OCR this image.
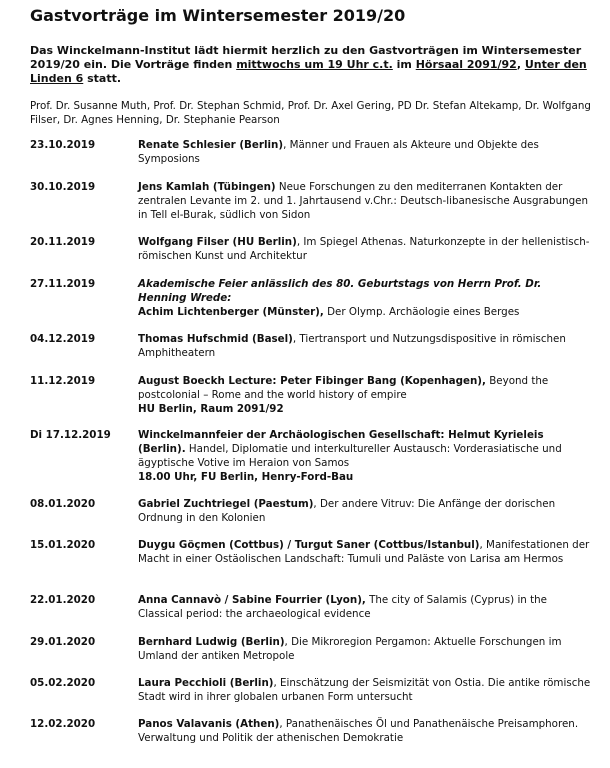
Gastvorträge im Wintersemester 2019/20
Das Winckelmann-Institut lädt hiermit herzlich zu den Gastvorträgen im Wintersemester 2019/20 ein. Die Vorträge finden mittwochs um 19 Uhr c.t. im Hörsaal 2091/92, Unter den Linden 6 statt.
Prof. Dr. Susanne Muth, Prof. Dr. Stephan Schmid, Prof. Dr. Axel Gering, PD Dr. Stefan Altekamp, Dr. Wolfgang Filser, Dr. Agnes Henning, Dr. Stephanie Pearson
23.10.2019	Renate Schlesier (Berlin), Männer und Frauen als Akteure und Objekte des Symposions
30.10.2019	Jens Kamlah (Tübingen) Neue Forschungen zu den mediterranen Kontakten der zentralen Levante im 2. und 1. Jahrtausend v.Chr.: Deutsch-libanesische Ausgrabungen in Tell el-Burak, südlich von Sidon
20.11.2019	Wolfgang Filser (HU Berlin), Im Spiegel Athenas. Naturkonzepte in der hellenistisch-römischen Kunst und Architektur
27.11.2019	Akademische Feier anlässlich des 80. Geburtstags von Herrn Prof. Dr. Henning Wrede:
Achim Lichtenberger (Münster), Der Olymp. Archäologie eines Berges
04.12.2019	Thomas Hufschmid (Basel), Tiertransport und Nutzungsdispositive in römischen Amphitheatern
11.12.2019	August Boeckh Lecture: Peter Fibinger Bang (Kopenhagen), Beyond the postcolonial – Rome and the world history of empire
HU Berlin, Raum 2091/92
Di 17.12.2019	Winckelmannfeier der Archäologischen Gesellschaft: Helmut Kyrieleis (Berlin). Handel, Diplomatie und interkultureller Austausch: Vorderasiatische und ägyptische Votive im Heraion von Samos
18.00 Uhr, FU Berlin, Henry-Ford-Bau
08.01.2020	Gabriel Zuchtriegel (Paestum), Der andere Vitruv: Die Anfänge der dorischen Ordnung in den Kolonien
15.01.2020	Duygu Göçmen (Cottbus) / Turgut Saner (Cottbus/Istanbul), Manifestationen der Macht in einer Ostäolischen Landschaft: Tumuli und Paläste von Larisa am Hermos
22.01.2020	Anna Cannavò / Sabine Fourrier (Lyon), The city of Salamis (Cyprus) in the Classical period: the archaeological evidence
29.01.2020	Bernhard Ludwig (Berlin), Die Mikroregion Pergamon: Aktuelle Forschungen im Umland der antiken Metropole
05.02.2020	Laura Pecchioli (Berlin), Einschätzung der Seismizität von Ostia. Die antike römische Stadt wird in ihrer globalen urbanen Form untersucht
12.02.2020	Panos Valavanis (Athen), Panathenäisches Öl und Panathenäische Preisamphoren. Verwaltung und Politik der athenischen Demokratie
